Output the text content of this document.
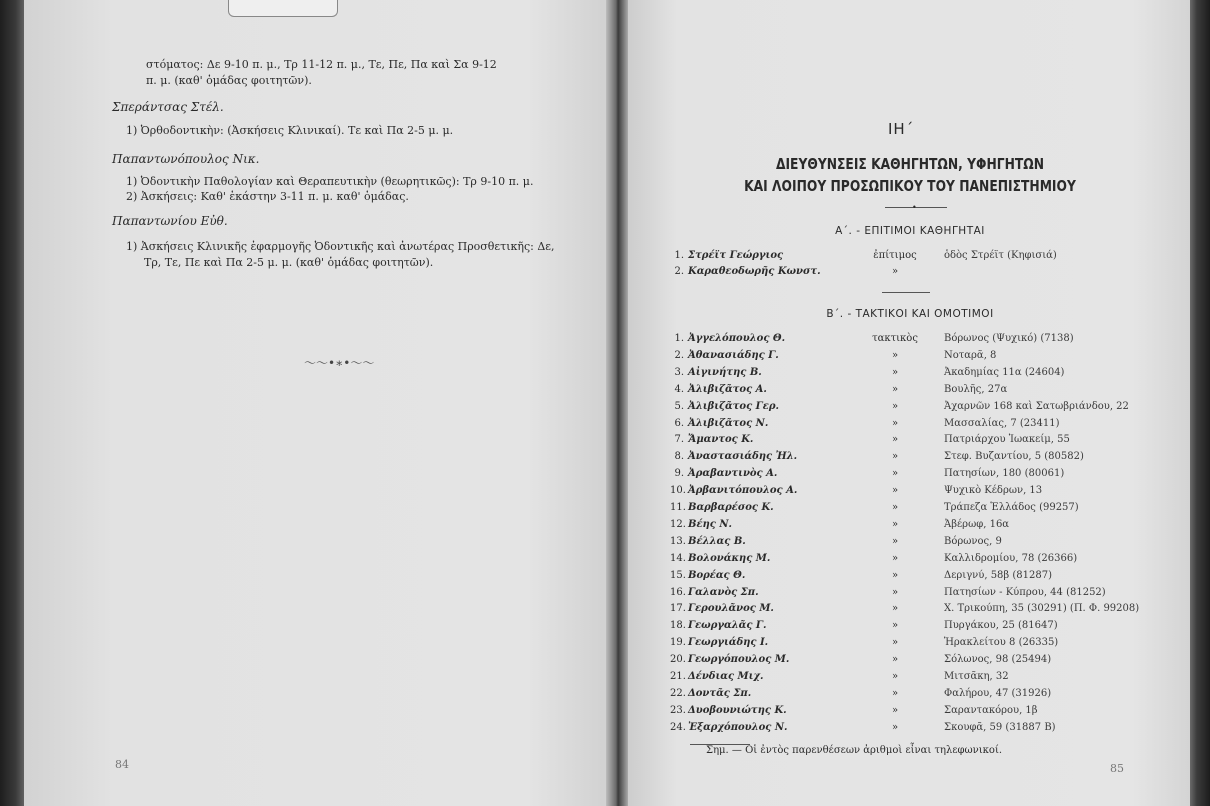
στόματος: Δε 9-10 π. μ., Τρ 11-12 π. μ., Τε, Πε, Πα καὶ Σα 9-12
π. μ. (καθ' ὁμάδας φοιτητῶν).
Σπεράντσας Στέλ.
1) Ὀρθοδοντικὴν: (Ἀσκήσεις Κλινικαί). Τε καὶ Πα 2-5 μ. μ.
Παπαντωνόπουλος Νικ.
1) Ὀδοντικὴν Παθολογίαν καὶ Θεραπευτικὴν (θεωρητικῶς): Τρ 9-10 π. μ.
2) Ἀσκήσεις: Καθ' ἑκάστην 3-11 π. μ. καθ' ὁμάδας.
Παπαντωνίου Εὐθ.
1) Ἀσκήσεις Κλινικῆς ἐφαρμογῆς Ὀδοντικῆς καὶ ἀνωτέρας Προσθετικῆς: Δε,
Τρ, Τε, Πε καὶ Πα 2-5 μ. μ. (καθ' ὁμάδας φοιτητῶν).
〜〜•∗•〜〜
84
ΙΗ΄
ΔΙΕΥΘΥΝΣΕΙΣ ΚΑΘΗΓΗΤΩΝ, ΥΦΗΓΗΤΩΝ
ΚΑΙ ΛΟΙΠΟΥ ΠΡΟΣΩΠΙΚΟΥ ΤΟΥ ΠΑΝΕΠΙΣΤΗΜΙΟΥ
•
Α΄. - ΕΠΙΤΙΜΟΙ ΚΑΘΗΓΗΤΑΙ
1. Στρέϊτ Γεώργιος	ἐπίτιμος	ὁδὸς Στρέϊτ (Κηφισιά)
2. Καραθεοδωρῆς Κωνστ.	»
Β΄. - ΤΑΚΤΙΚΟΙ ΚΑΙ ΟΜΟΤΙΜΟΙ
1. Ἀγγελόπουλος Θ.	τακτικὸς	Βόρωνος (Ψυχικό) (7138)
2. Ἀθανασιάδης Γ.	»	Νοταρᾶ, 8
3. Αἰγινήτης Β.	»	Ἀκαδημίας 11α (24604)
4. Ἀλιβιζᾶτος Α.	»	Βουλῆς, 27α
5. Ἀλιβιζᾶτος Γερ.	»	Ἀχαρνῶν 168 καὶ Σατωβριάνδου, 22
6. Ἀλιβιζᾶτος Ν.	»	Μασσαλίας, 7 (23411)
7. Ἄμαντος Κ.	»	Πατριάρχου Ἰωακείμ, 55
8. Ἀναστασιάδης Ἠλ.	»	Στεφ. Βυζαντίου, 5 (80582)
9. Ἀραβαντινὸς Α.	»	Πατησίων, 180 (80061)
10. Ἀρβανιτόπουλος Α.	»	Ψυχικὸ Κέδρων, 13
11. Βαρβαρέσος Κ.	»	Τράπεζα Ἑλλάδος (99257)
12. Βέης Ν.	»	Ἀβέρωφ, 16α
13. Βέλλας Β.	»	Βόρωνος, 9
14. Βολονάκης Μ.	»	Καλλιδρομίου, 78 (26366)
15. Βορέας Θ.	»	Δεριγνύ, 58β (81287)
16. Γαλανὸς Σπ.	»	Πατησίων - Κύπρου, 44 (81252)
17. Γερουλᾶνος Μ.	»	Χ. Τρικούπη, 35 (30291) (Π. Φ. 99208)
18. Γεωργαλᾶς Γ.	»	Πυργάκου, 25 (81647)
19. Γεωργιάδης Ι.	»	Ἡρακλείτου 8 (26335)
20. Γεωργόπουλος Μ.	»	Σόλωνος, 98 (25494)
21. Δένδιας Μιχ.	»	Μιτσᾶκη, 32
22. Δοντᾶς Σπ.	»	Φαλήρου, 47 (31926)
23. Δυοβουνιώτης Κ.	»	Σαραντακόρου, 1β
24. Ἐξαρχόπουλος Ν.	»	Σκουφᾶ, 59 (31887 Β)
Σημ. — Οἱ ἐντὸς παρενθέσεων ἀριθμοὶ εἶναι τηλεφωνικοί.
85
